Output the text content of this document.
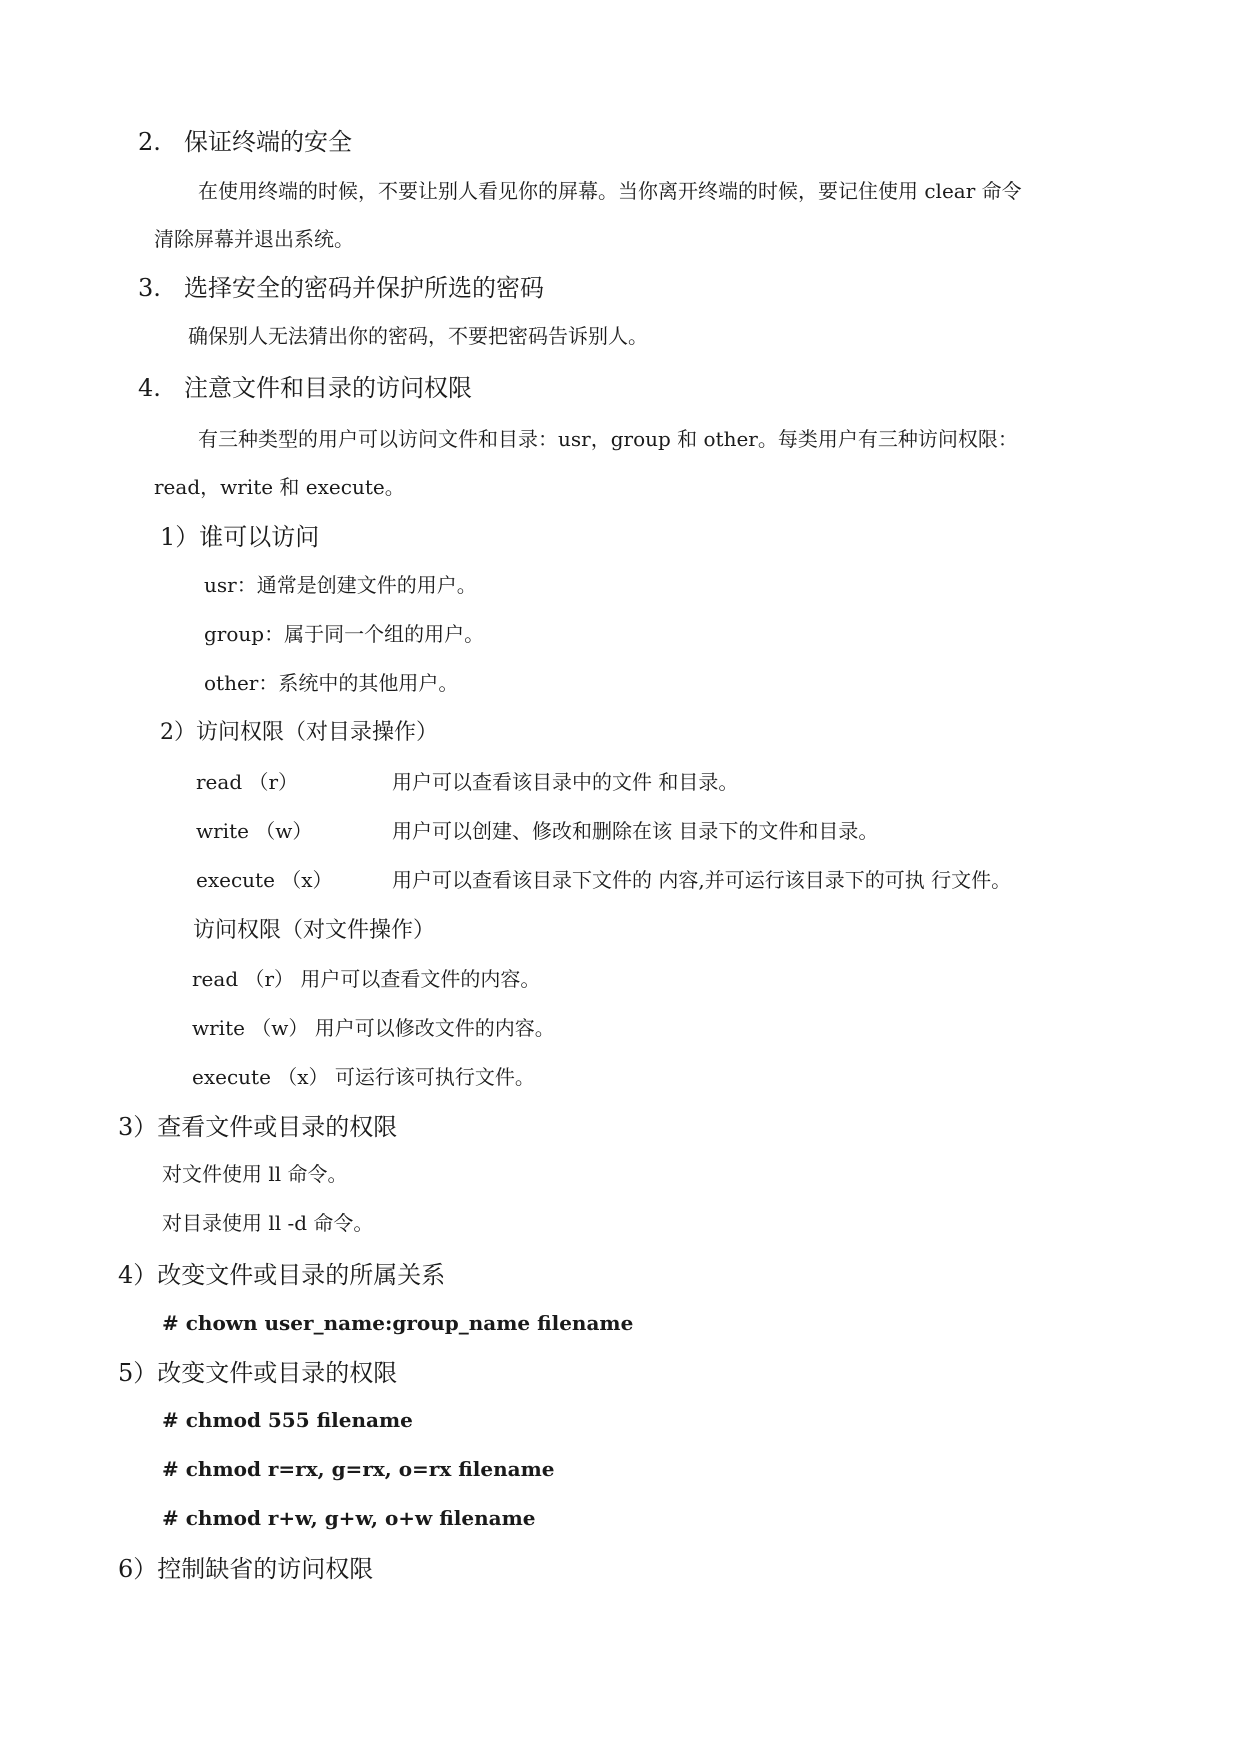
2. 保证终端的安全
在使用终端的时候，不要让别人看见你的屏幕。当你离开终端的时候，要记住使用 clear 命令
清除屏幕并退出系统。
3. 选择安全的密码并保护所选的密码
确保别人无法猜出你的密码，不要把密码告诉别人。
4. 注意文件和目录的访问权限
有三种类型的用户可以访问文件和目录：usr，group 和 other。每类用户有三种访问权限：
read，write 和 execute。
1）谁可以访问
usr：通常是创建文件的用户。
group：属于同一个组的用户。
other：系统中的其他用户。
2）访问权限（对目录操作）
read （r）	用户可以查看该目录中的文件 和目录。
write （w）	用户可以创建、修改和删除在该 目录下的文件和目录。
execute （x）	用户可以查看该目录下文件的 内容,并可运行该目录下的可执 行文件。
访问权限（对文件操作）
read （r） 用户可以查看文件的内容。
write （w） 用户可以修改文件的内容。
execute （x） 可运行该可执行文件。
3）查看文件或目录的权限
对文件使用 ll 命令。
对目录使用 ll -d 命令。
4）改变文件或目录的所属关系
# chown user_name:group_name filename
5）改变文件或目录的权限
# chmod 555 filename
# chmod r=rx, g=rx, o=rx filename
# chmod r+w, g+w, o+w filename
6）控制缺省的访问权限
